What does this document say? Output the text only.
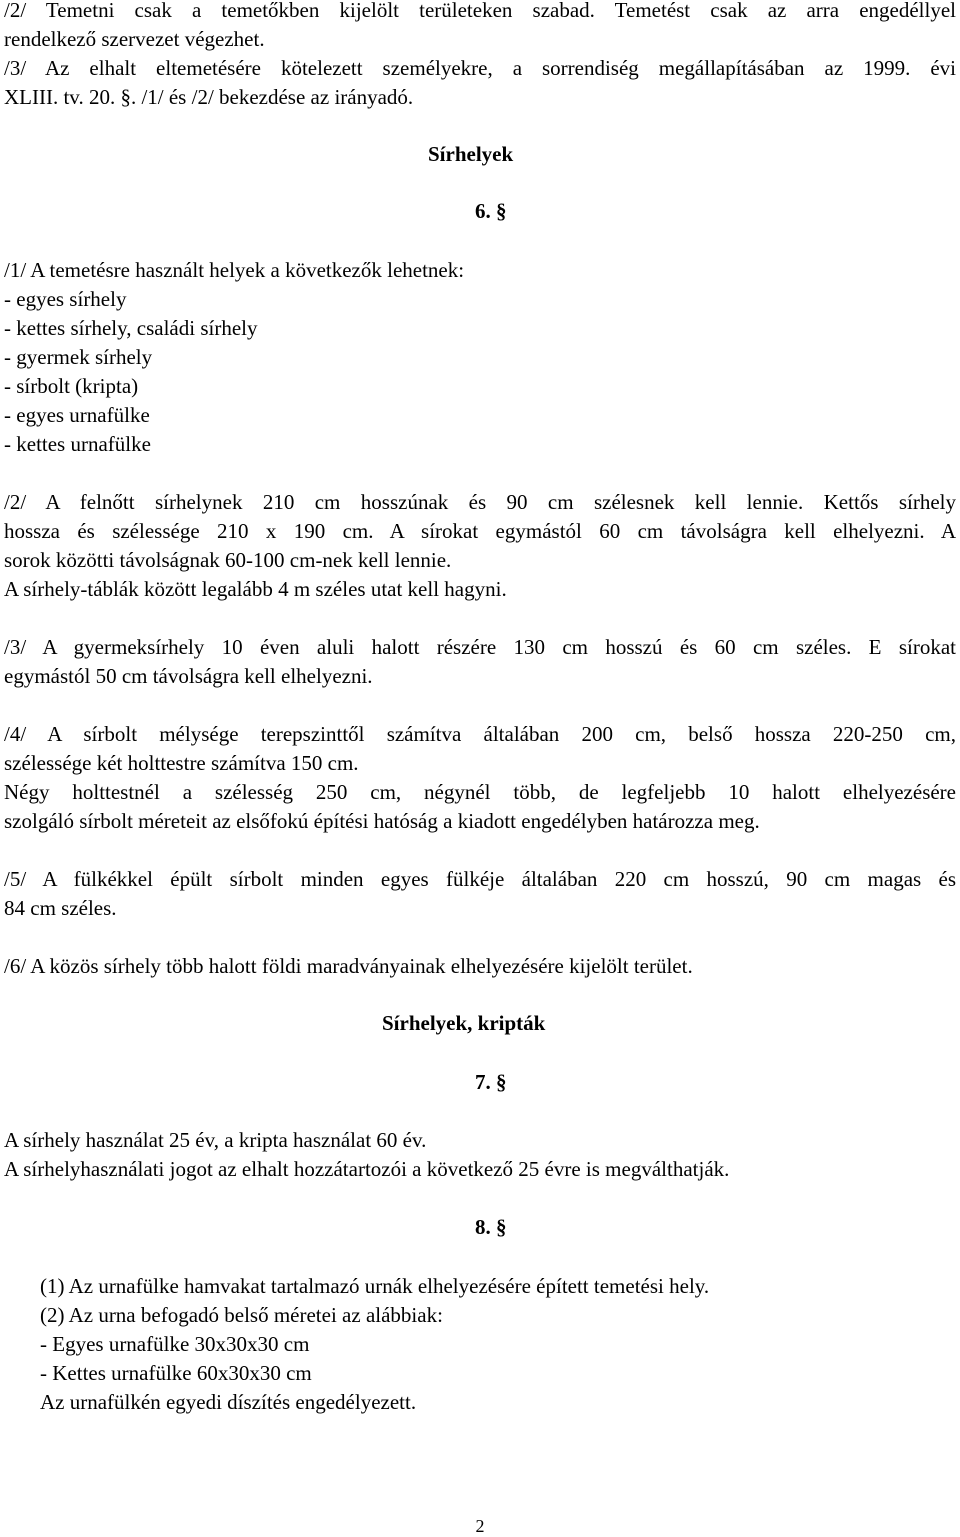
/2/ Temetni csak a temetőkben kijelölt területeken szabad. Temetést csak az arra engedéllyel
rendelkező szervezet végezhet.
/3/ Az elhalt eltemetésére kötelezett személyekre, a sorrendiség megállapításában az 1999. évi
XLIII. tv. 20. §. /1/ és /2/ bekezdése az irányadó.
Sírhelyek
6. §
/1/ A temetésre használt helyek a következők lehetnek:
- egyes sírhely
- kettes sírhely, családi sírhely
- gyermek sírhely
- sírbolt (kripta)
- egyes urnafülke
- kettes urnafülke
/2/ A felnőtt sírhelynek 210 cm hosszúnak és 90 cm szélesnek kell lennie. Kettős sírhely
hossza és szélessége 210 x 190 cm. A sírokat egymástól 60 cm távolságra kell elhelyezni. A
sorok közötti távolságnak 60-100 cm-nek kell lennie.
A sírhely-táblák között legalább 4 m széles utat kell hagyni.
/3/ A gyermeksírhely 10 éven aluli halott részére 130 cm hosszú és 60 cm széles. E sírokat
egymástól 50 cm távolságra kell elhelyezni.
/4/ A sírbolt mélysége terepszinttől számítva általában 200 cm, belső hossza 220-250 cm,
szélessége két holttestre számítva 150 cm.
Négy holttestnél a szélesség 250 cm, négynél több, de legfeljebb 10 halott elhelyezésére
szolgáló sírbolt méreteit az elsőfokú építési hatóság a kiadott engedélyben határozza meg.
/5/ A fülkékkel épült sírbolt minden egyes fülkéje általában 220 cm hosszú, 90 cm magas és
84 cm széles.
/6/ A közös sírhely több halott földi maradványainak elhelyezésére kijelölt terület.
Sírhelyek, kripták
7. §
A sírhely használat 25 év, a kripta használat 60 év.
A sírhelyhasználati jogot az elhalt hozzátartozói a következő 25 évre is megválthatják.
8. §
(1) Az urnafülke hamvakat tartalmazó urnák elhelyezésére épített temetési hely.
(2) Az urna befogadó belső méretei az alábbiak:
- Egyes urnafülke 30x30x30 cm
- Kettes urnafülke 60x30x30 cm
Az urnafülkén egyedi díszítés engedélyezett.
2
